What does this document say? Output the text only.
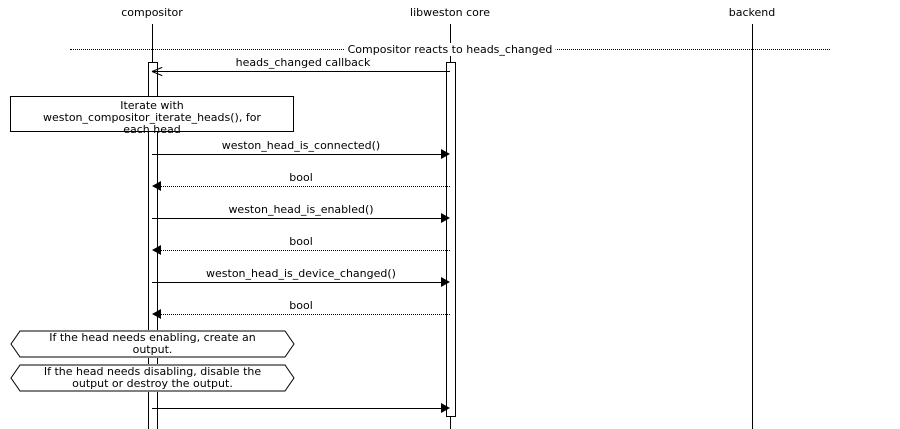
compositor	libweston core	backend
Compositor reacts to heads_changed
heads_changed callback
Iterate with
weston_compositor_iterate_heads(), for
each head
weston_head_is_connected()
bool
weston_head_is_enabled()
bool
weston_head_is_device_changed()
bool
If the head needs enabling, create an
output.
If the head needs disabling, disable the
output or destroy the output.
